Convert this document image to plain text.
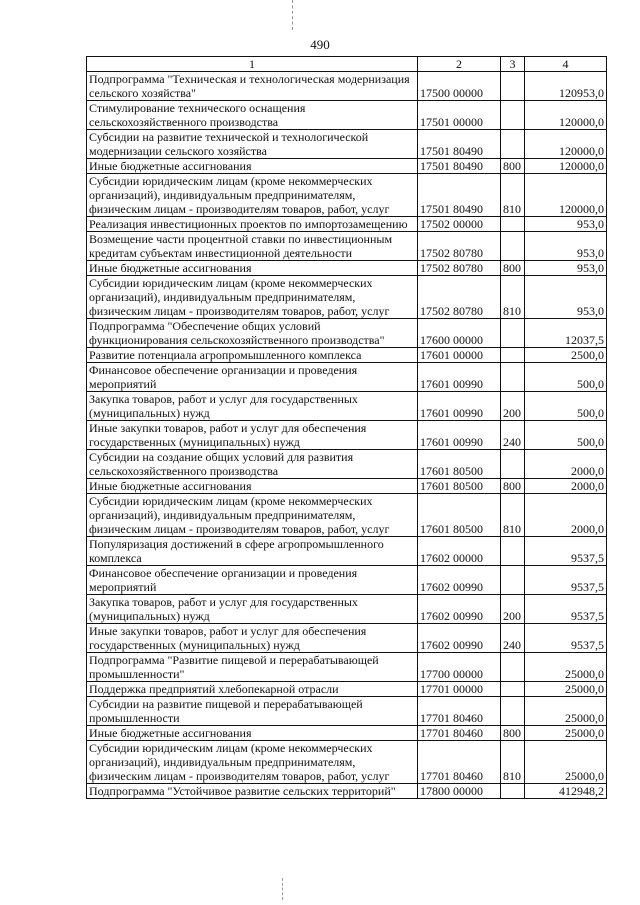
490
1	2	3	4
Подпрограмма "Техническая и технологическая модернизация сельского хозяйства"	17500 00000		120953,0
Стимулирование технического оснащения сельскохозяйственного производства	17501 00000		120000,0
Субсидии на развитие технической и технологической модернизации сельского хозяйства	17501 80490		120000,0
Иные бюджетные ассигнования	17501 80490	800	120000,0
Субсидии юридическим лицам (кроме некоммерческих организаций), индивидуальным предпринимателям, физическим лицам - производителям товаров, работ, услуг	17501 80490	810	120000,0
Реализация инвестиционных проектов по импортозамещению	17502 00000		953,0
Возмещение части процентной ставки по инвестиционным кредитам субъектам инвестиционной деятельности	17502 80780		953,0
Иные бюджетные ассигнования	17502 80780	800	953,0
Субсидии юридическим лицам (кроме некоммерческих организаций), индивидуальным предпринимателям, физическим лицам - производителям товаров, работ, услуг	17502 80780	810	953,0
Подпрограмма "Обеспечение общих условий функционирования сельскохозяйственного производства"	17600 00000		12037,5
Развитие потенциала агропромышленного комплекса	17601 00000		2500,0
Финансовое обеспечение организации и проведения мероприятий	17601 00990		500,0
Закупка товаров, работ и услуг для государственных (муниципальных) нужд	17601 00990	200	500,0
Иные закупки товаров, работ и услуг для обеспечения государственных (муниципальных) нужд	17601 00990	240	500,0
Субсидии на создание общих условий для развития сельскохозяйственного производства	17601 80500		2000,0
Иные бюджетные ассигнования	17601 80500	800	2000,0
Субсидии юридическим лицам (кроме некоммерческих организаций), индивидуальным предпринимателям, физическим лицам - производителям товаров, работ, услуг	17601 80500	810	2000,0
Популяризация достижений в сфере агропромышленного комплекса	17602 00000		9537,5
Финансовое обеспечение организации и проведения мероприятий	17602 00990		9537,5
Закупка товаров, работ и услуг для государственных (муниципальных) нужд	17602 00990	200	9537,5
Иные закупки товаров, работ и услуг для обеспечения государственных (муниципальных) нужд	17602 00990	240	9537,5
Подпрограмма "Развитие пищевой и перерабатывающей промышленности"	17700 00000		25000,0
Поддержка предприятий хлебопекарной отрасли	17701 00000		25000,0
Субсидии на развитие пищевой и перерабатывающей промышленности	17701 80460		25000,0
Иные бюджетные ассигнования	17701 80460	800	25000,0
Субсидии юридическим лицам (кроме некоммерческих организаций), индивидуальным предпринимателям, физическим лицам - производителям товаров, работ, услуг	17701 80460	810	25000,0
Подпрограмма "Устойчивое развитие сельских территорий"	17800 00000		412948,2
